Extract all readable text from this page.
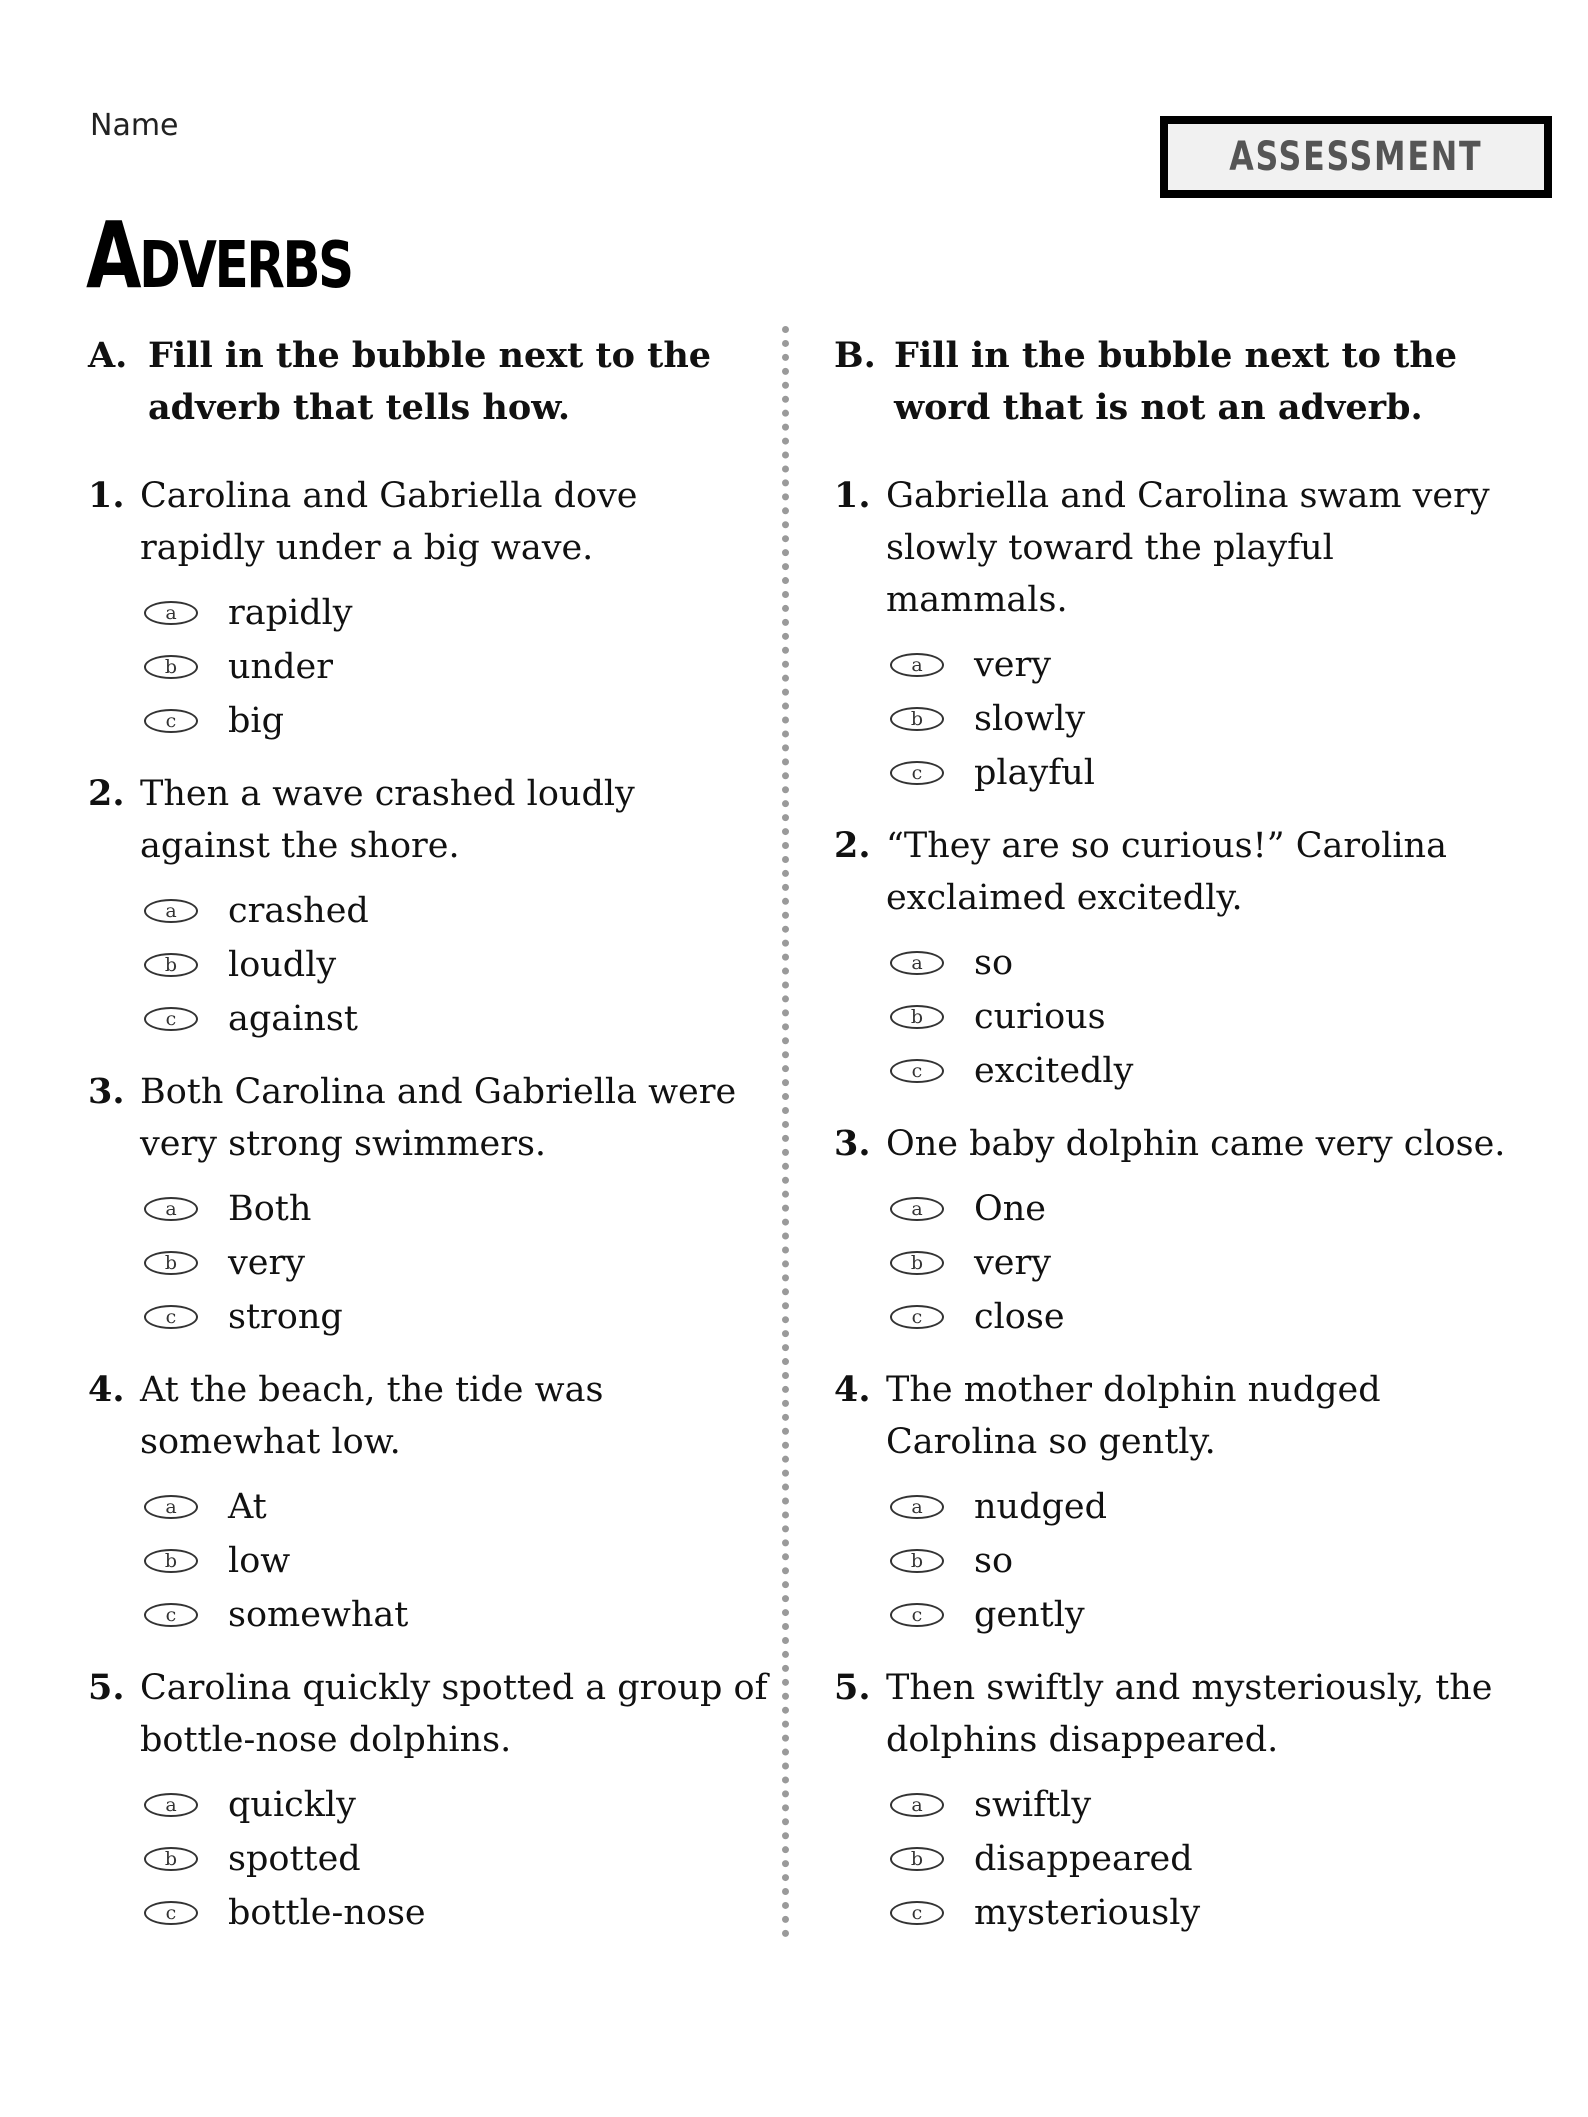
Name
ASSESSMENT
Adverbs
A. Fill in the bubble next to the adverb that tells how.
1. Carolina and Gabriella dove rapidly under a big wave.
a	rapidly
b	under
c	big
2. Then a wave crashed loudly against the shore.
a	crashed
b	loudly
c	against
3. Both Carolina and Gabriella were very strong swimmers.
a	Both
b	very
c	strong
4. At the beach, the tide was somewhat low.
a	At
b	low
c	somewhat
5. Carolina quickly spotted a group of bottle-nose dolphins.
a	quickly
b	spotted
c	bottle-nose
B. Fill in the bubble next to the word that is not an adverb.
1. Gabriella and Carolina swam very slowly toward the playful mammals.
a	very
b	slowly
c	playful
2. “They are so curious!” Carolina exclaimed excitedly.
a	so
b	curious
c	excitedly
3. One baby dolphin came very close.
a	One
b	very
c	close
4. The mother dolphin nudged Carolina so gently.
a	nudged
b	so
c	gently
5. Then swiftly and mysteriously, the dolphins disappeared.
a	swiftly
b	disappeared
c	mysteriously
